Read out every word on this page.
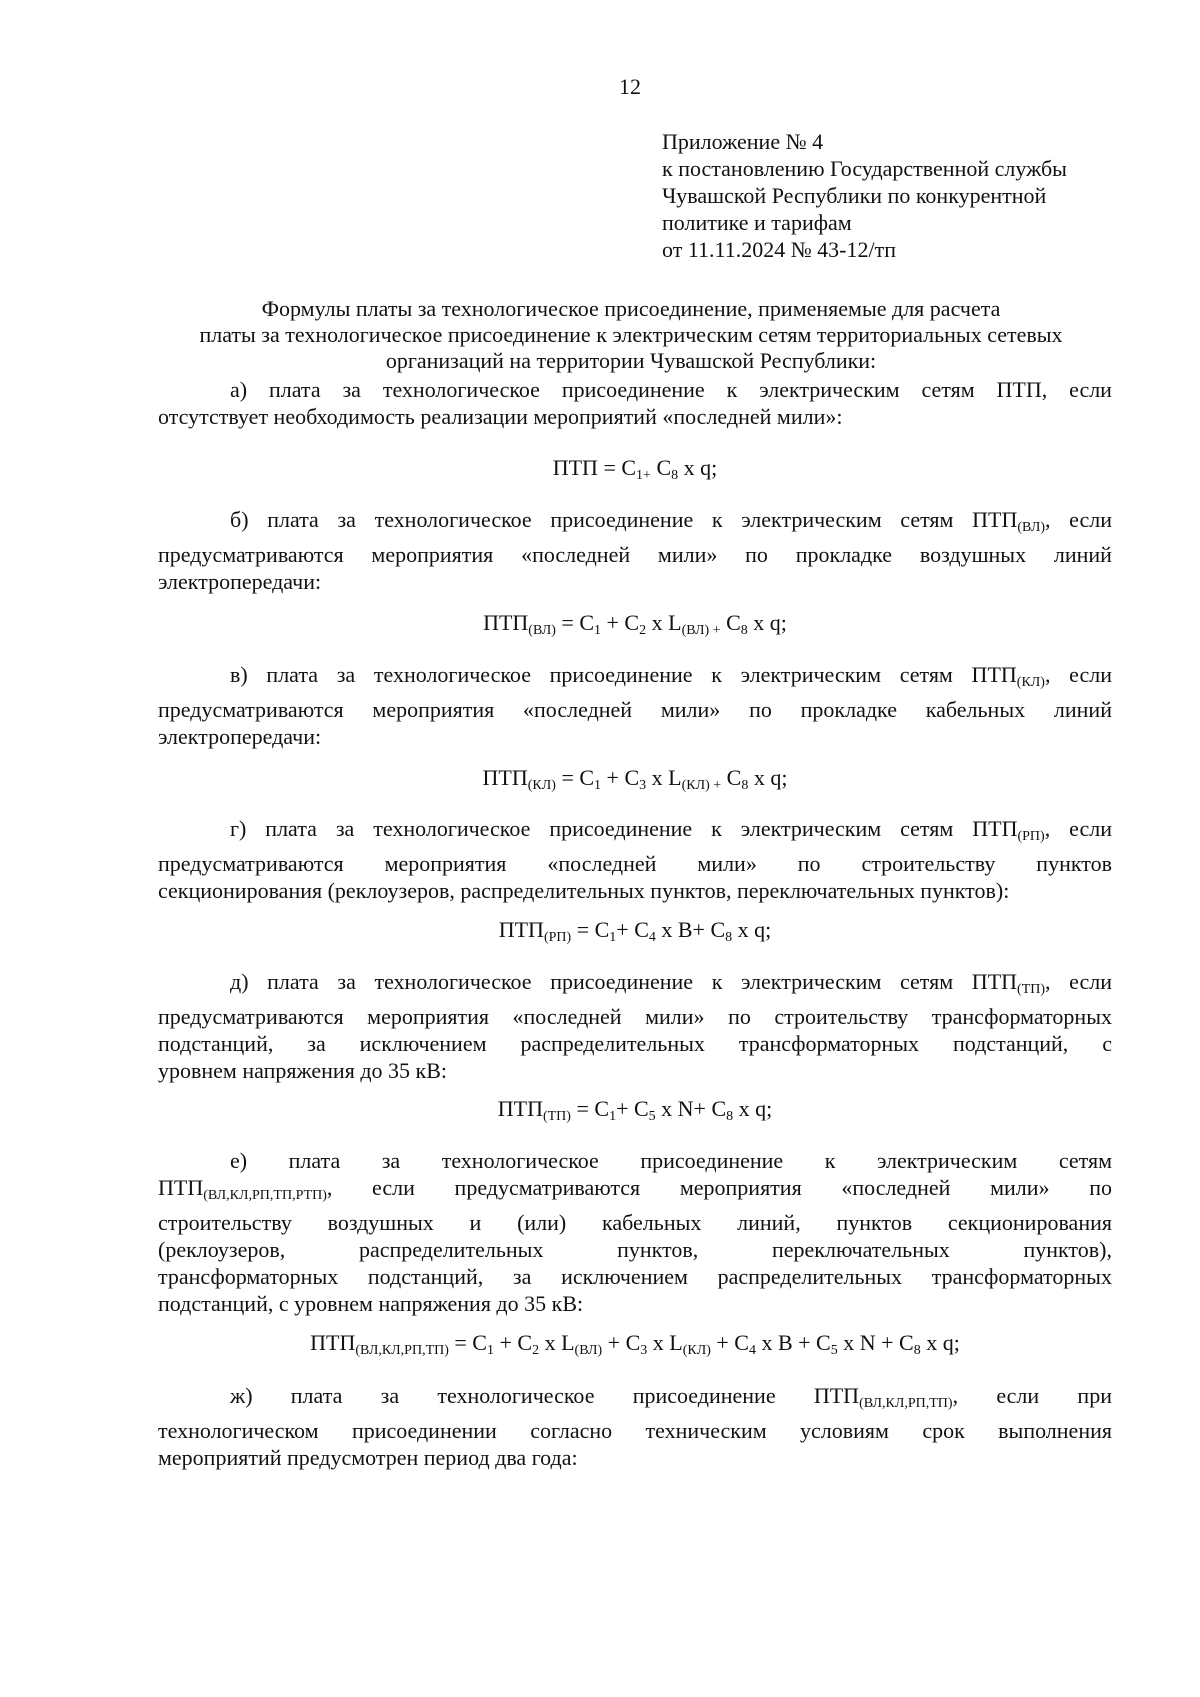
12
Приложение № 4
к постановлению Государственной службы
Чувашской Республики по конкурентной
политике и тарифам
от 11.11.2024 № 43-12/тп
Формулы платы за технологическое присоединение, применяемые для расчета
платы за технологическое присоединение к электрическим сетям территориальных сетевых
организаций на территории Чувашской Республики:
а) плата за технологическое присоединение к электрическим сетям ПТП, если
отсутствует необходимость реализации мероприятий «последней мили»:
ПТП = $С_{1+}$ $С_8$ х q;
б) плата за технологическое присоединение к электрическим сетям $ПТП_{(ВЛ)}$, если
предусматриваются мероприятия «последней мили» по прокладке воздушных линий
электропередачи:
$ПТП_{(ВЛ)} = С_1 + С_2$ х $L_{(ВЛ) +}$ $С_8$ х q;
в) плата за технологическое присоединение к электрическим сетям $ПТП_{(КЛ)}$, если
предусматриваются мероприятия «последней мили» по прокладке кабельных линий
электропередачи:
$ПТП_{(КЛ)} = С_1 + С_3$ х $L_{(КЛ) +}$ $С_8$ х q;
г) плата за технологическое присоединение к электрическим сетям $ПТП_{(РП)}$, если
предусматриваются мероприятия «последней мили» по строительству пунктов
секционирования (реклоузеров, распределительных пунктов, переключательных пунктов):
$ПТП_{(РП)} = С_1+ С_4$ х $В+ С_8$ х q;
д) плата за технологическое присоединение к электрическим сетям $ПТП_{(ТП)}$, если
предусматриваются мероприятия «последней мили» по строительству трансформаторных
подстанций, за исключением распределительных трансформаторных подстанций, с
уровнем напряжения до 35 кВ:
$ПТП_{(ТП)} = С_1+ С_5$ х $N+ С_8$ х q;
е) плата за технологическое присоединение к электрическим сетям
$ПТП_{(ВЛ,КЛ,РП,ТП,РТП)}$, если предусматриваются мероприятия «последней мили» по
строительству воздушных и (или) кабельных линий, пунктов секционирования
(реклоузеров,	распределительных	пунктов,	переключательных	пунктов),
трансформаторных подстанций, за исключением распределительных трансформаторных
подстанций, с уровнем напряжения до 35 кВ:
$ПТП_{(ВЛ,КЛ,РП,ТП)} = С_1 + С_2$ х $L_{(ВЛ)} + С_3$ х $L_{(КЛ)} + С_4$ х $В + С_5$ х $N + С_8$ х q;
ж) плата за технологическое присоединение $ПТП_{(ВЛ,КЛ,РП,ТП)}$, если при
технологическом присоединении согласно техническим условиям срок выполнения
мероприятий предусмотрен период два года:
